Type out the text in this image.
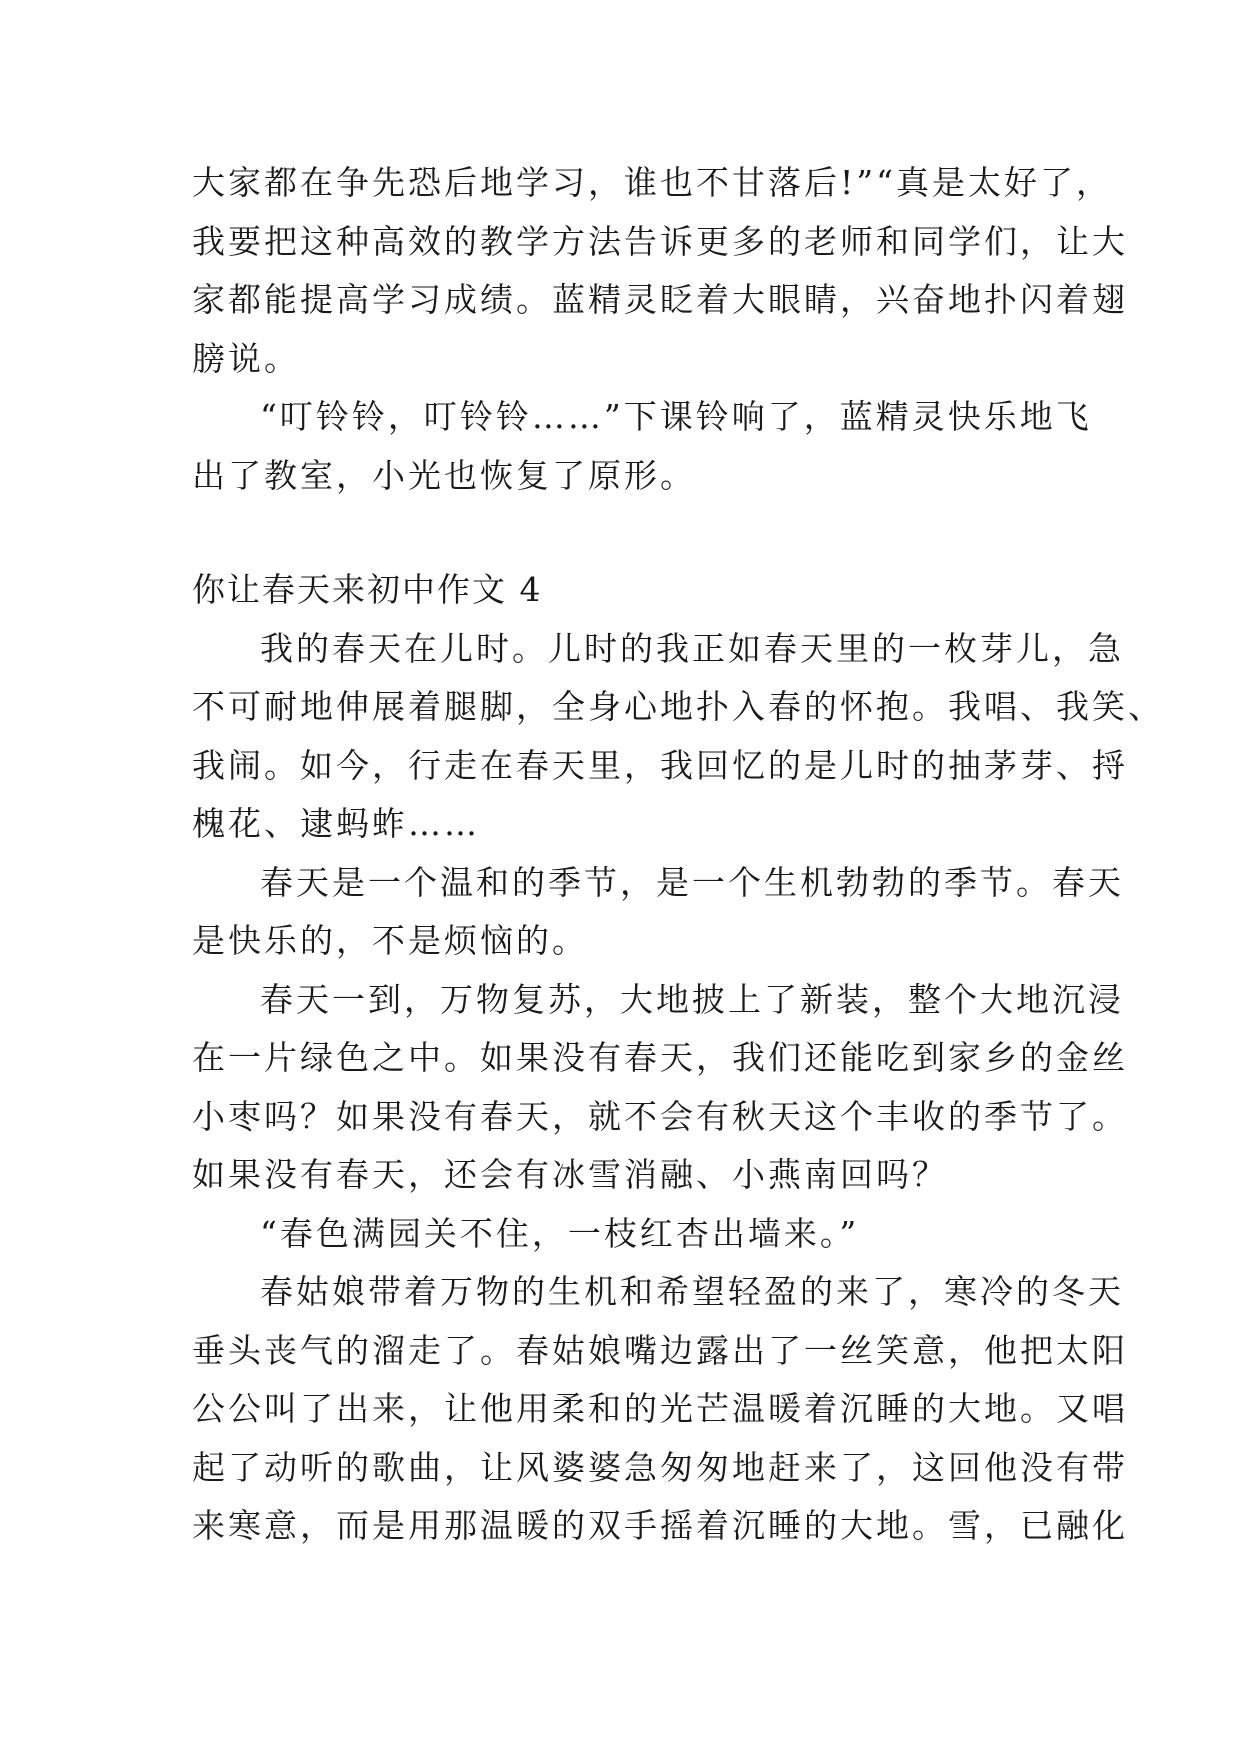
大家都在争先恐后地学习，谁也不甘落后!”“真是太好了，
我要把这种高效的教学方法告诉更多的老师和同学们，让大
家都能提高学习成绩。蓝精灵眨着大眼睛，兴奋地扑闪着翅
膀说。
“叮铃铃，叮铃铃……”下课铃响了，蓝精灵快乐地飞
出了教室，小光也恢复了原形。
你让春天来初中作文 4
我的春天在儿时。儿时的我正如春天里的一枚芽儿，急
不可耐地伸展着腿脚，全身心地扑入春的怀抱。我唱、我笑、
我闹。如今，行走在春天里，我回忆的是儿时的抽茅芽、捋
槐花、逮蚂蚱……
春天是一个温和的季节，是一个生机勃勃的季节。春天
是快乐的，不是烦恼的。
春天一到，万物复苏，大地披上了新装，整个大地沉浸
在一片绿色之中。如果没有春天，我们还能吃到家乡的金丝
小枣吗？如果没有春天，就不会有秋天这个丰收的季节了。
如果没有春天，还会有冰雪消融、小燕南回吗？
“春色满园关不住，一枝红杏出墙来。”
春姑娘带着万物的生机和希望轻盈的来了，寒冷的冬天
垂头丧气的溜走了。春姑娘嘴边露出了一丝笑意，他把太阳
公公叫了出来，让他用柔和的光芒温暖着沉睡的大地。又唱
起了动听的歌曲，让风婆婆急匆匆地赶来了，这回他没有带
来寒意，而是用那温暖的双手摇着沉睡的大地。雪，已融化
